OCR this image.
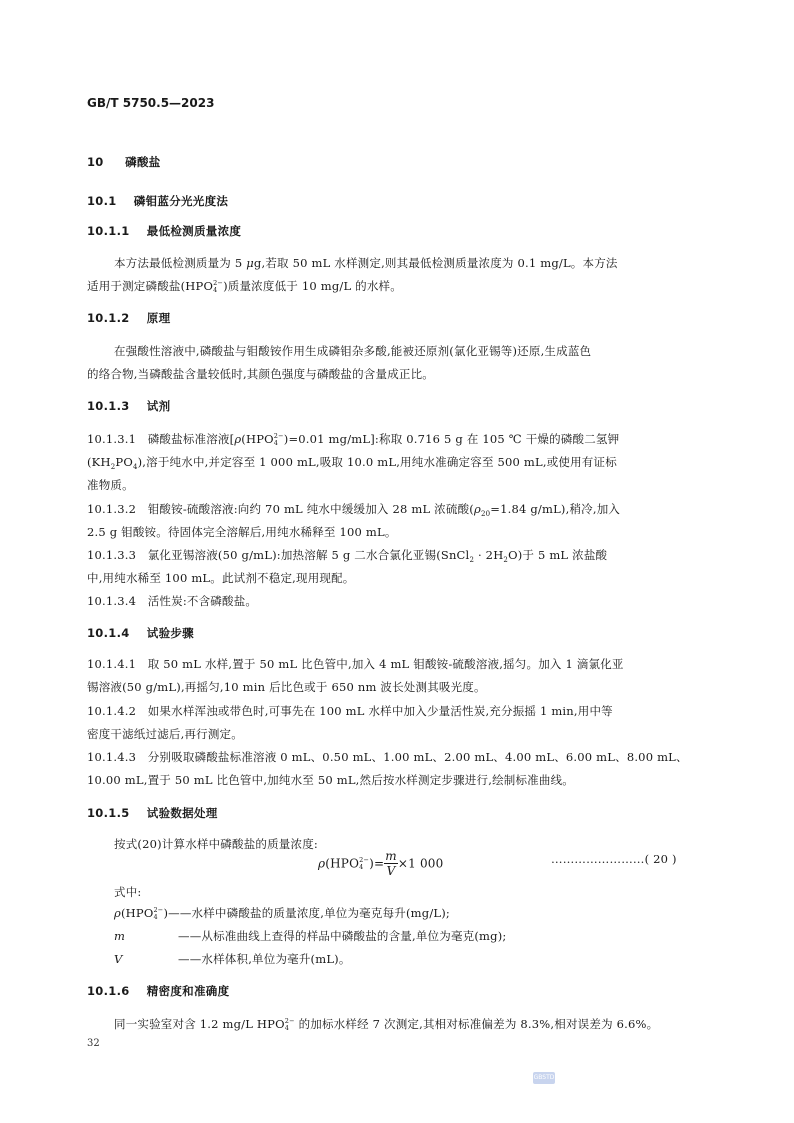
GB/T 5750.5—2023
10 磷酸盐
10.1 磷钼蓝分光光度法
10.1.1 最低检测质量浓度
本方法最低检测质量为 5 μg,若取 50 mL 水样测定,则其最低检测质量浓度为 0.1 mg/L。本方法
适用于测定磷酸盐(HPO 2−
4 )质量浓度低于 10 mg/L 的水样。
10.1.2 原理
在强酸性溶液中,磷酸盐与钼酸铵作用生成磷钼杂多酸,能被还原剂(氯化亚锡等)还原,生成蓝色
的络合物,当磷酸盐含量较低时,其颜色强度与磷酸盐的含量成正比。
10.1.3 试剂
10.1.3.1 磷酸盐标准溶液[ρ(HPO 2−
4 )=0.01 mg/mL]:称取 0.716 5 g 在 105 ℃ 干燥的磷酸二氢钾
$(KH_2PO_4)$,溶于纯水中,并定容至 1 000 mL,吸取 10.0 mL,用纯水准确定容至 500 mL,或使用有证标
准物质。
10.1.3.2 钼酸铵-硫酸溶液:向约 70 mL 纯水中缓缓加入 28 mL 浓硫酸($\rho_{20}=1.84$ g/mL),稍冷,加入
2.5 g 钼酸铵。待固体完全溶解后,用纯水稀释至 100 mL。
10.1.3.3 氯化亚锡溶液(50 g/mL):加热溶解 5 g 二水合氯化亚锡(SnCl$_2$ · $2H_2O$)于 5 mL 浓盐酸
中,用纯水稀至 100 mL。此试剂不稳定,现用现配。
10.1.3.4 活性炭:不含磷酸盐。
10.1.4 试验步骤
10.1.4.1 取 50 mL 水样,置于 50 mL 比色管中,加入 4 mL 钼酸铵-硫酸溶液,摇匀。加入 1 滴氯化亚
锡溶液(50 g/mL),再摇匀,10 min 后比色或于 650 nm 波长处测其吸光度。
10.1.4.2 如果水样浑浊或带色时,可事先在 100 mL 水样中加入少量活性炭,充分振摇 1 min,用中等
密度干滤纸过滤后,再行测定。
10.1.4.3 分别吸取磷酸盐标准溶液 0 mL、0.50 mL、1.00 mL、2.00 mL、4.00 mL、6.00 mL、8.00 mL、
10.00 mL,置于 50 mL 比色管中,加纯水至 50 mL,然后按水样测定步骤进行,绘制标准曲线。
10.1.5 试验数据处理
按式(20)计算水样中磷酸盐的质量浓度:
ρ(HPO 2−
4 )= $\frac{m}{V} \times 1$ 000	……………………( 20 )
式中:
ρ(HPO 2−
4 )——水样中磷酸盐的质量浓度,单位为毫克每升(mg/L);
m	——从标准曲线上查得的样品中磷酸盐的含量,单位为毫克(mg);
V	——水样体积,单位为毫升(mL)。
10.1.6 精密度和准确度
同一实验室对含 1.2 mg/L HPO 2−
4 的加标水样经 7 次测定,其相对标准偏差为 8.3%,相对误差为 6.6%。
32
GBSTD
